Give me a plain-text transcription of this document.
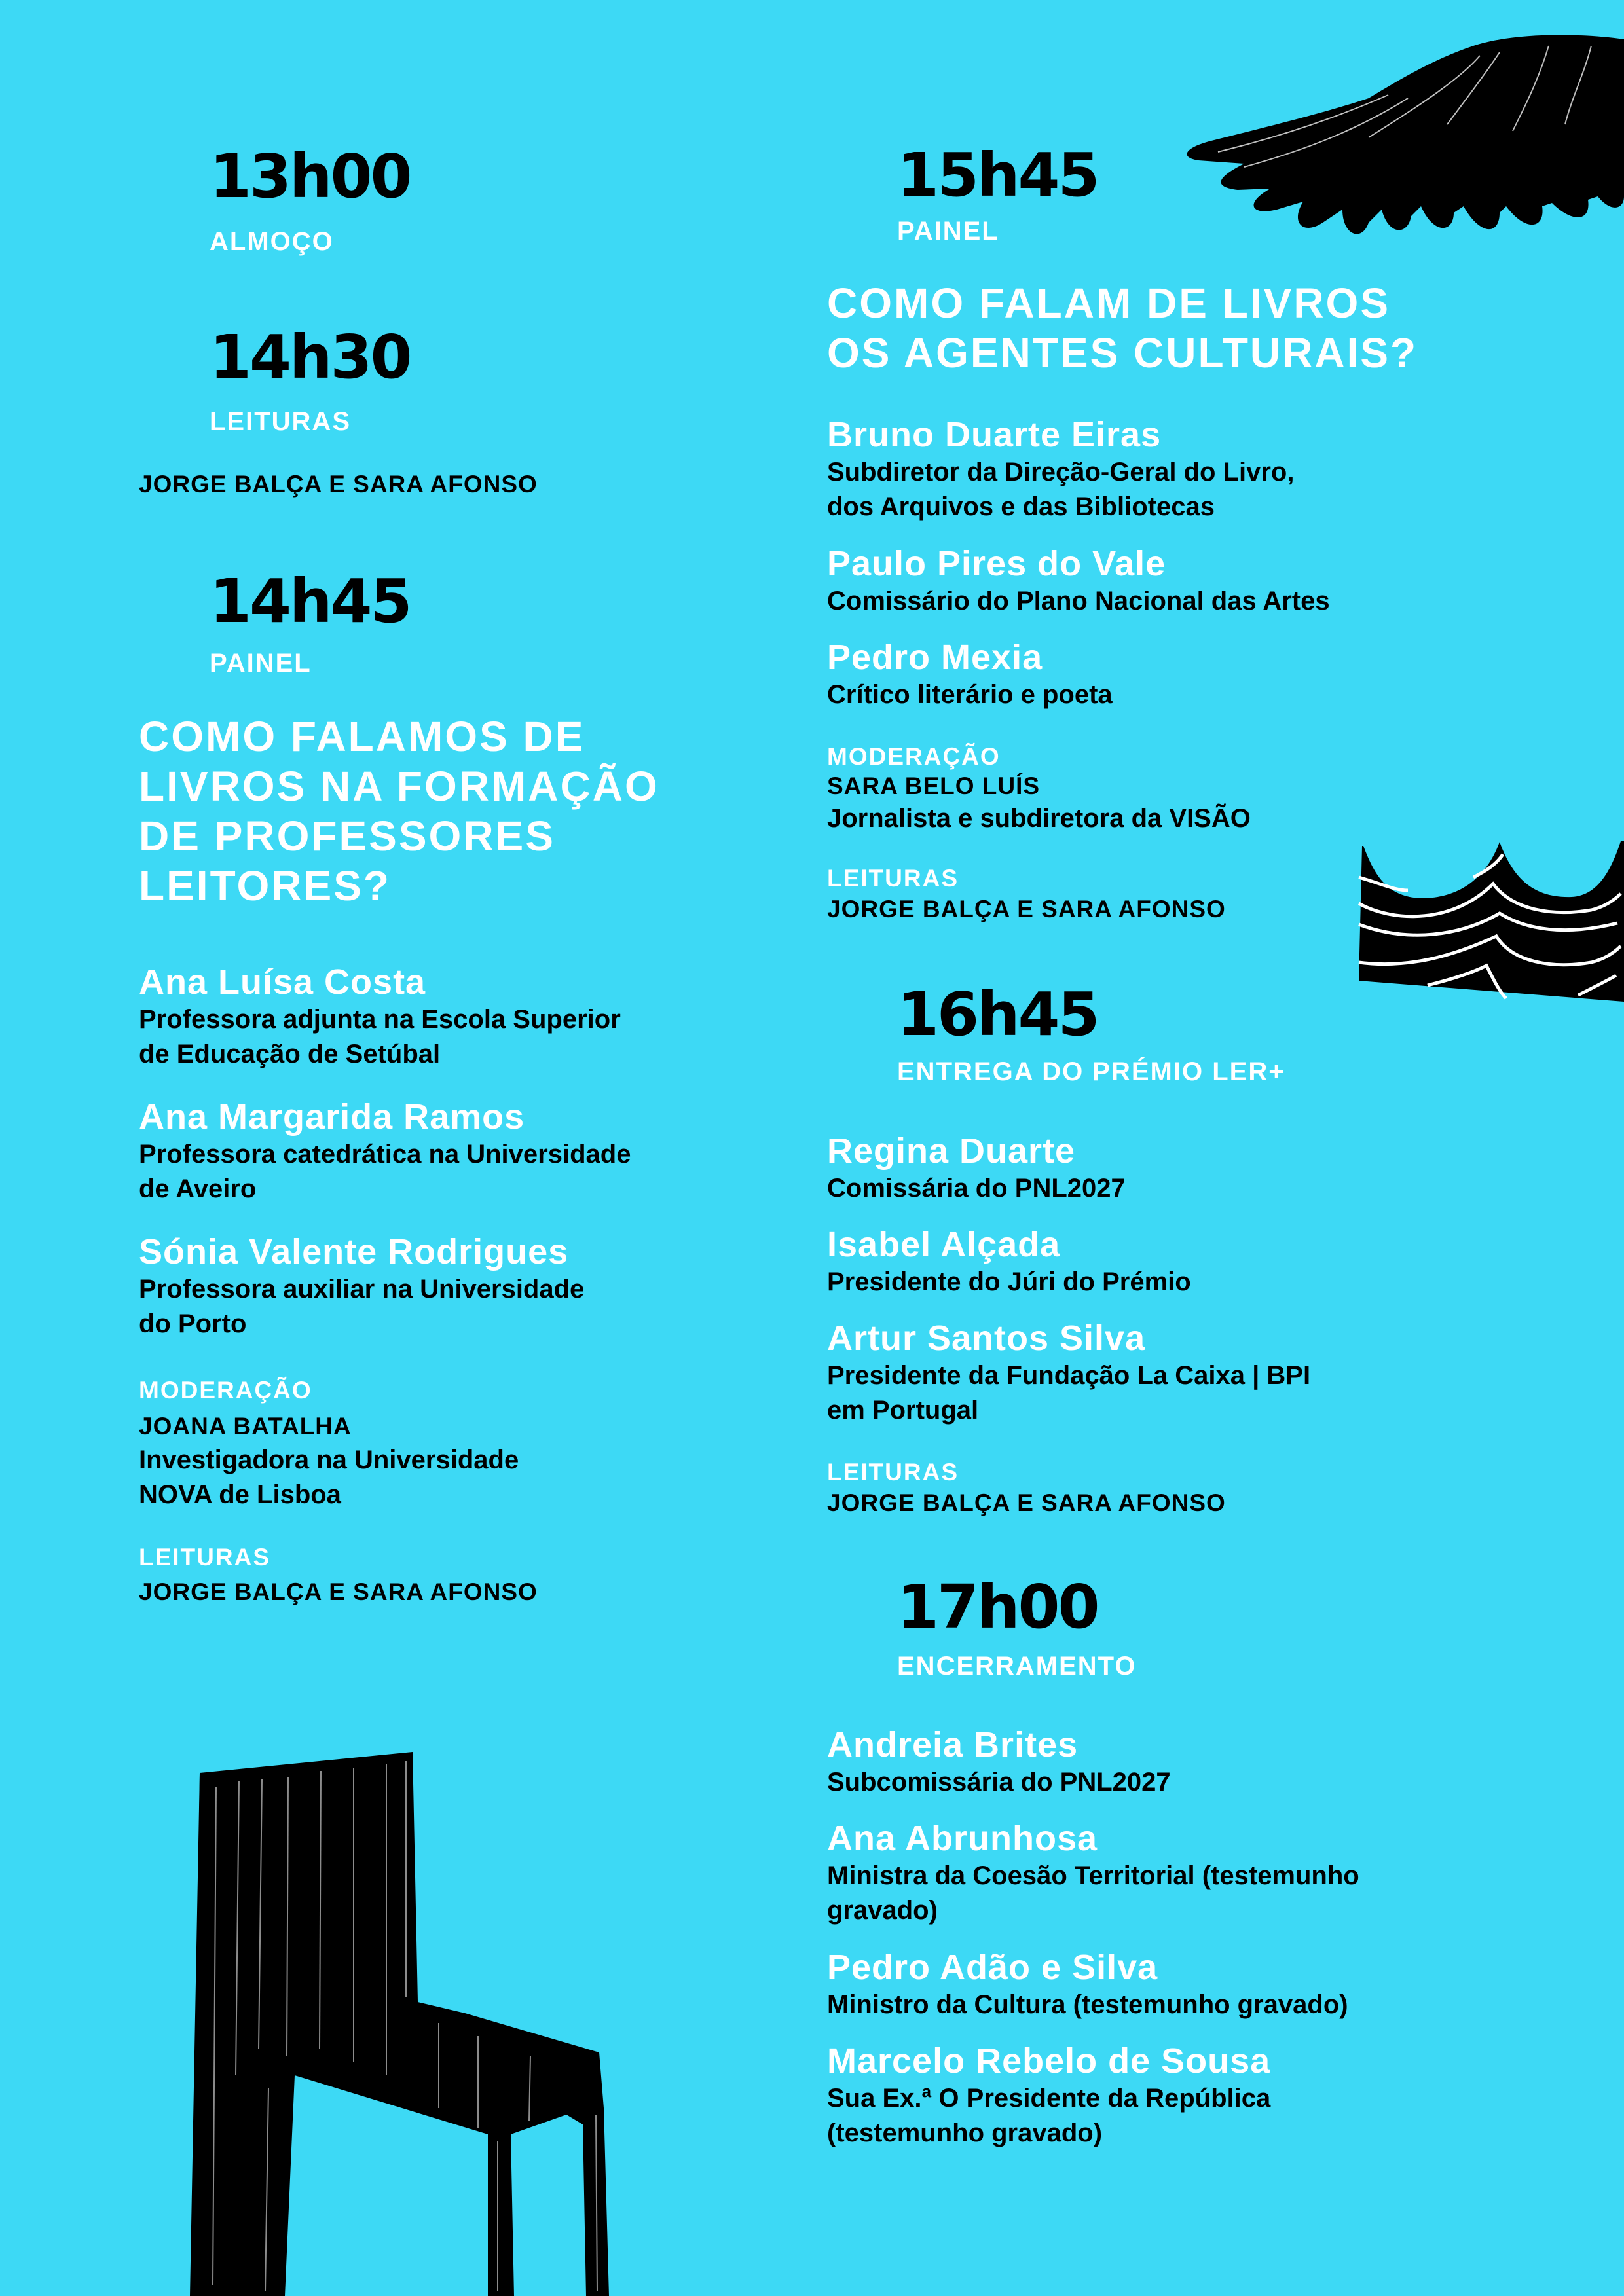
13h00
ALMOÇO
14h30
LEITURAS
JORGE BALÇA E SARA AFONSO
14h45
PAINEL
COMO FALAMOS DE
LIVROS NA FORMAÇÃO
DE PROFESSORES
LEITORES?
Ana Luísa Costa
Professora adjunta na Escola Superior
de Educação de Setúbal
Ana Margarida Ramos
Professora catedrática na Universidade
de Aveiro
Sónia Valente Rodrigues
Professora auxiliar na Universidade
do Porto
MODERAÇÃO
JOANA BATALHA
Investigadora na Universidade
NOVA de Lisboa
LEITURAS
JORGE BALÇA E SARA AFONSO
15h45
PAINEL
COMO FALAM DE LIVROS
OS AGENTES CULTURAIS?
Bruno Duarte Eiras
Subdiretor da Direção-Geral do Livro,
dos Arquivos e das Bibliotecas
Paulo Pires do Vale
Comissário do Plano Nacional das Artes
Pedro Mexia
Crítico literário e poeta
MODERAÇÃO
SARA BELO LUÍS
Jornalista e subdiretora da VISÃO
LEITURAS
JORGE BALÇA E SARA AFONSO
16h45
ENTREGA DO PRÉMIO LER+
Regina Duarte
Comissária do PNL2027
Isabel Alçada
Presidente do Júri do Prémio
Artur Santos Silva
Presidente da Fundação La Caixa | BPI
em Portugal
LEITURAS
JORGE BALÇA E SARA AFONSO
17h00
ENCERRAMENTO
Andreia Brites
Subcomissária do PNL2027
Ana Abrunhosa
Ministra da Coesão Territorial (testemunho
gravado)
Pedro Adão e Silva
Ministro da Cultura (testemunho gravado)
Marcelo Rebelo de Sousa
Sua Ex.ª O Presidente da República
(testemunho gravado)
